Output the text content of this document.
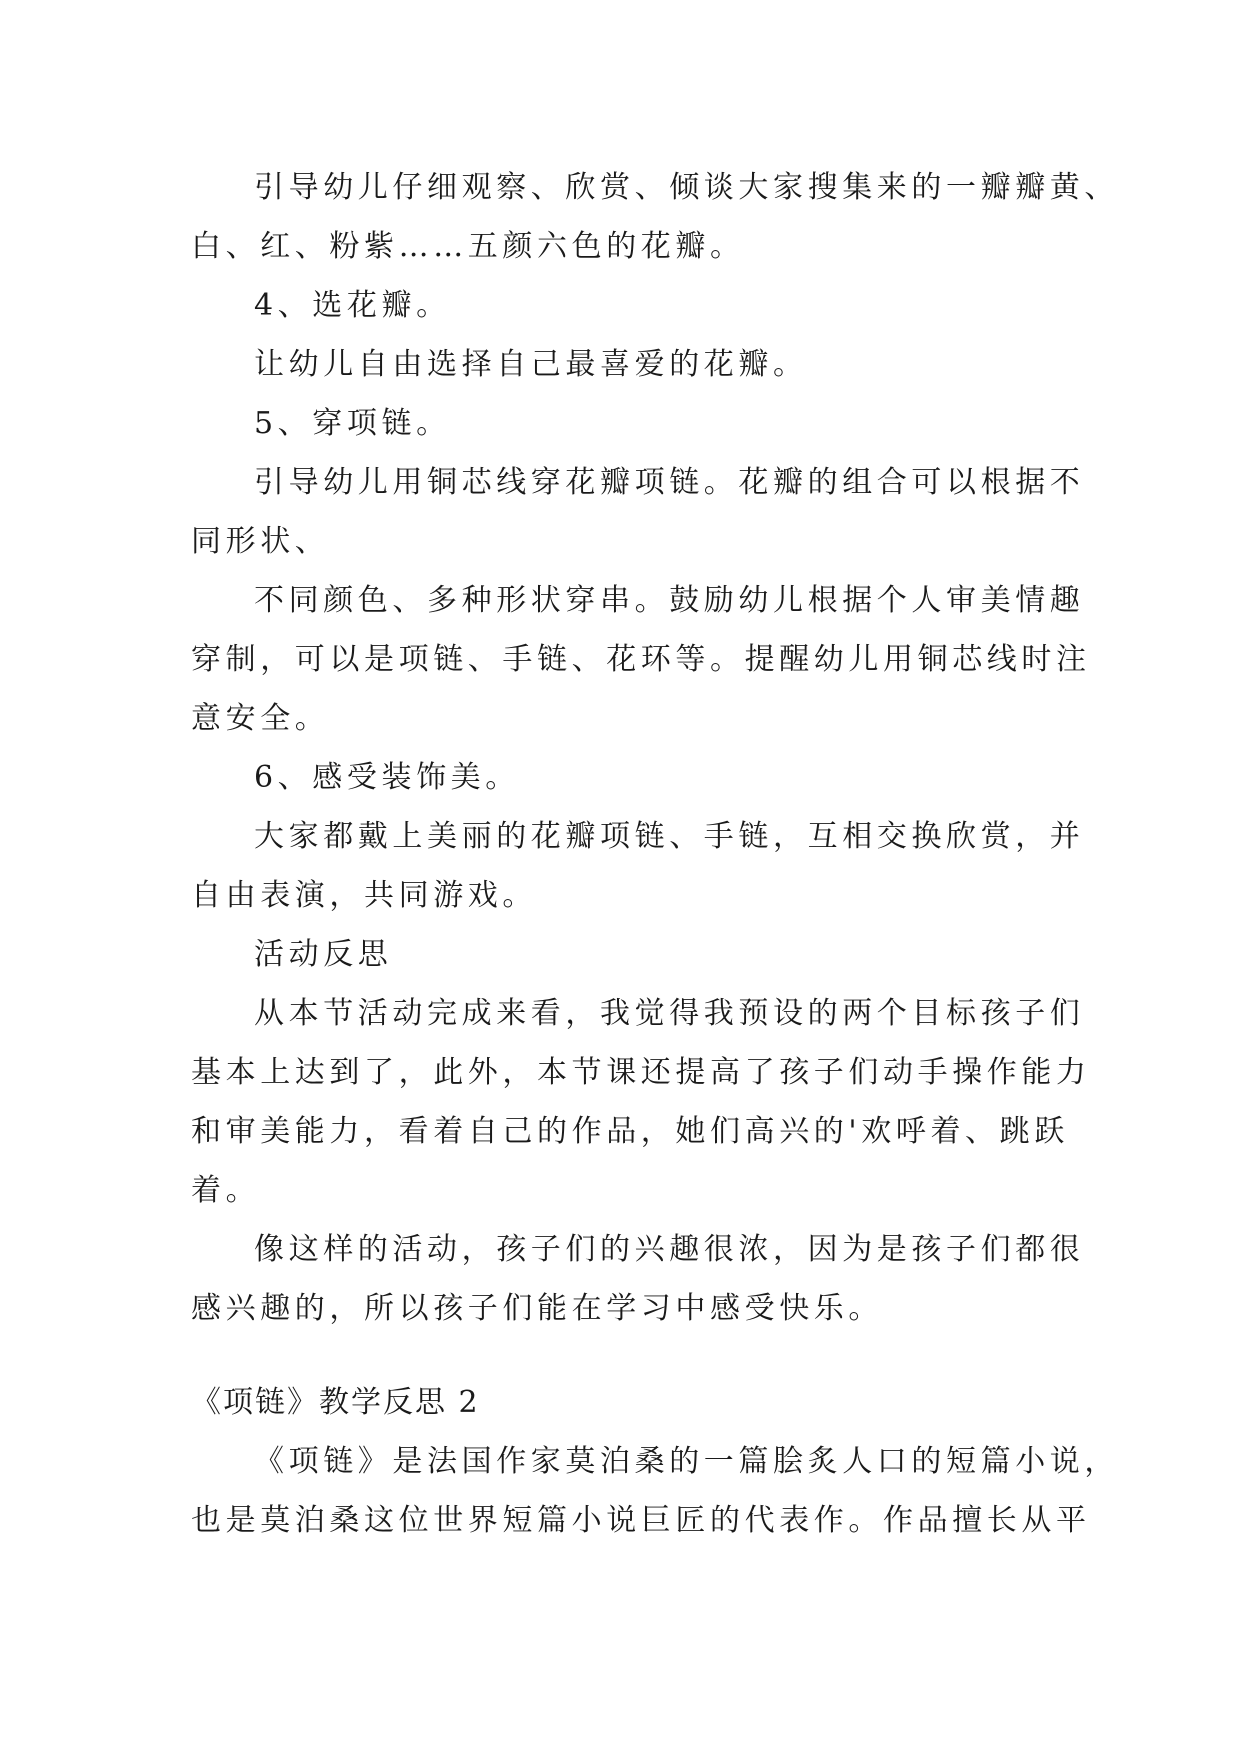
引导幼儿仔细观察、欣赏、倾谈大家搜集来的一瓣瓣黄、
白、红、粉紫……五颜六色的花瓣。
4、选花瓣。
让幼儿自由选择自己最喜爱的花瓣。
5、穿项链。
引导幼儿用铜芯线穿花瓣项链。花瓣的组合可以根据不
同形状、
不同颜色、多种形状穿串。鼓励幼儿根据个人审美情趣
穿制，可以是项链、手链、花环等。提醒幼儿用铜芯线时注
意安全。
6、感受装饰美。
大家都戴上美丽的花瓣项链、手链，互相交换欣赏，并
自由表演，共同游戏。
活动反思
从本节活动完成来看，我觉得我预设的两个目标孩子们
基本上达到了，此外，本节课还提高了孩子们动手操作能力
和审美能力，看着自己的作品，她们高兴的'欢呼着、跳跃
着。
像这样的活动，孩子们的兴趣很浓，因为是孩子们都很
感兴趣的，所以孩子们能在学习中感受快乐。
《项链》教学反思 2
《项链》是法国作家莫泊桑的一篇脍炙人口的短篇小说，
也是莫泊桑这位世界短篇小说巨匠的代表作。作品擅长从平
